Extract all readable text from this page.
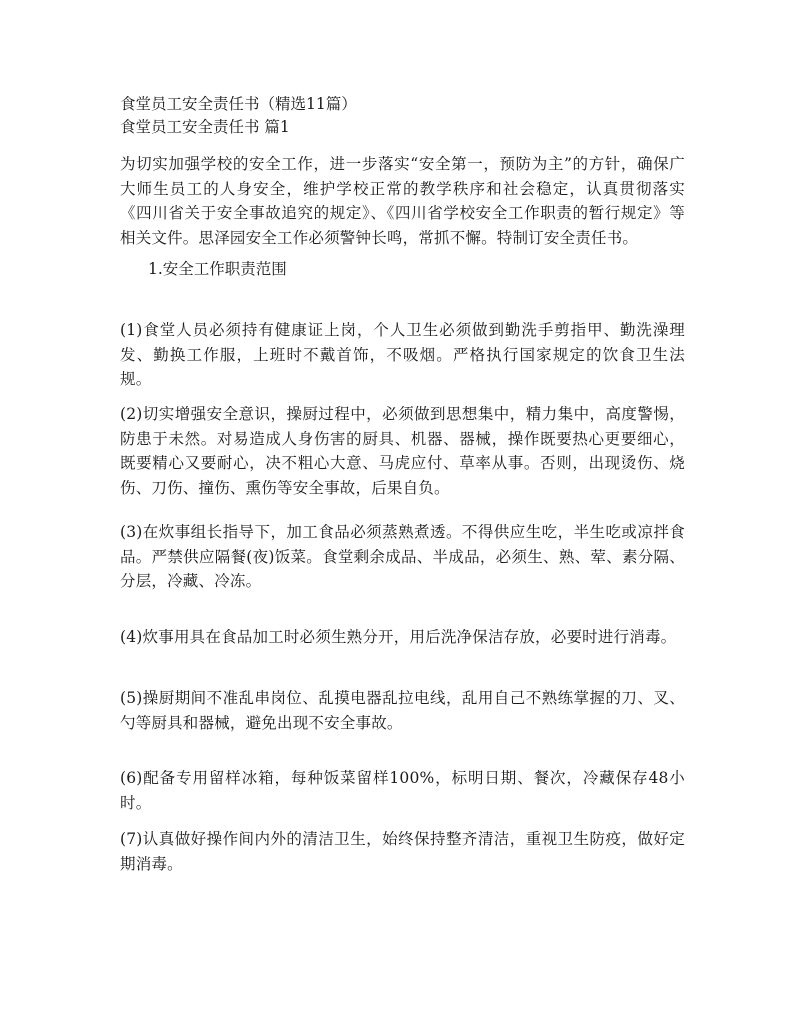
食堂员工安全责任书（精选11篇）

食堂员工安全责任书 篇1

为切实加强学校的安全工作，进一步落实“安全第一，预防为主”的方针，确保广大师生员工的人身安全，维护学校正常的教学秩序和社会稳定，认真贯彻落实《四川省关于安全事故追究的规定》、《四川省学校安全工作职责的暂行规定》等相关文件。思泽园安全工作必须警钟长鸣，常抓不懈。特制订安全责任书。

1.安全工作职责范围

(1)食堂人员必须持有健康证上岗，个人卫生必须做到勤洗手剪指甲、勤洗澡理发、勤换工作服，上班时不戴首饰，不吸烟。严格执行国家规定的饮食卫生法规。

(2)切实增强安全意识，操厨过程中，必须做到思想集中，精力集中，高度警惕，防患于未然。对易造成人身伤害的厨具、机器、器械，操作既要热心更要细心，既要精心又要耐心，决不粗心大意、马虎应付、草率从事。否则，出现烫伤、烧伤、刀伤、撞伤、熏伤等安全事故，后果自负。

(3)在炊事组长指导下，加工食品必须蒸熟煮透。不得供应生吃，半生吃或凉拌食品。严禁供应隔餐(夜)饭菜。食堂剩余成品、半成品，必须生、熟、荤、素分隔、分层，冷藏、冷冻。

(4)炊事用具在食品加工时必须生熟分开，用后洗净保洁存放，必要时进行消毒。

(5)操厨期间不准乱串岗位、乱摸电器乱拉电线，乱用自己不熟练掌握的刀、叉、勺等厨具和器械，避免出现不安全事故。

(6)配备专用留样冰箱，每种饭菜留样100%，标明日期、餐次，冷藏保存48小时。

(7)认真做好操作间内外的清洁卫生，始终保持整齐清洁，重视卫生防疫，做好定期消毒。
